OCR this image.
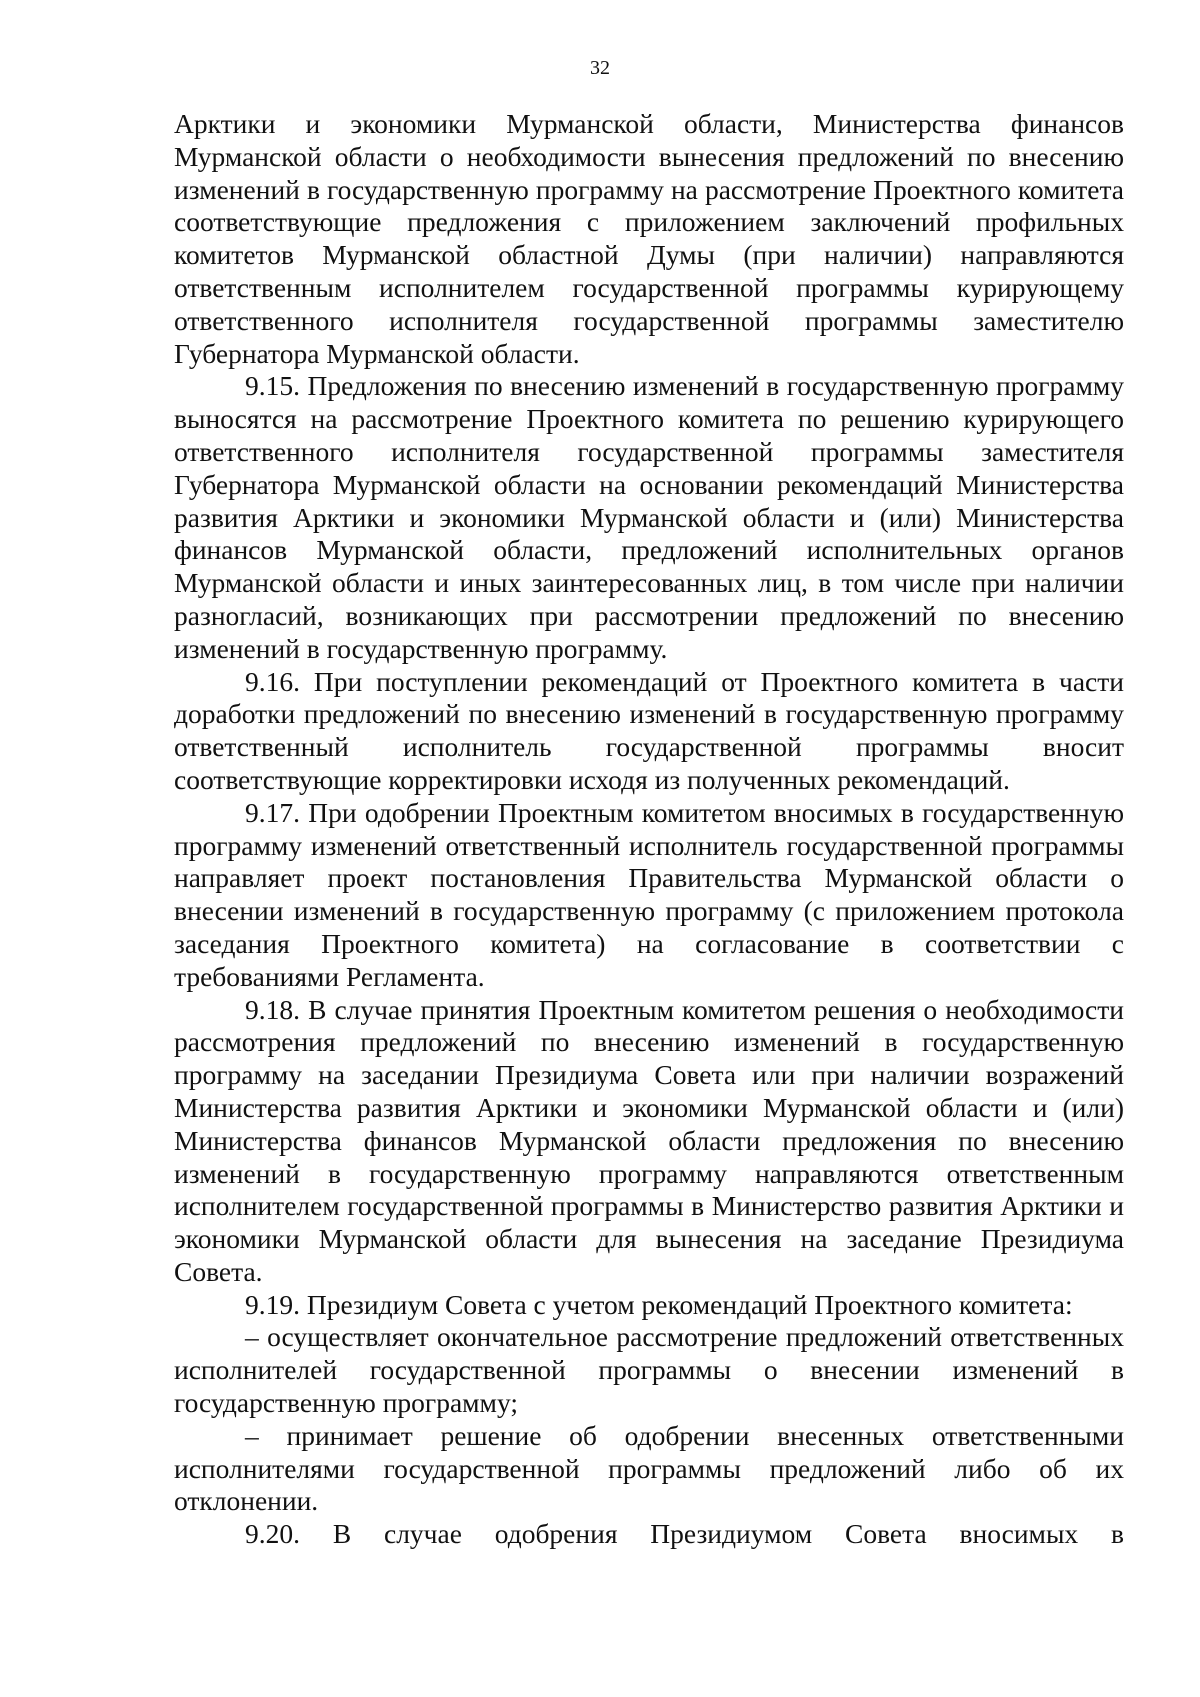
32

Арктики и экономики Мурманской области, Министерства финансов Мурманской области о необходимости вынесения предложений по внесению изменений в государственную программу на рассмотрение Проектного комитета соответствующие предложения с приложением заключений профильных комитетов Мурманской областной Думы (при наличии) направляются ответственным исполнителем государственной программы курирующему ответственного исполнителя государственной программы заместителю Губернатора Мурманской области.

9.15. Предложения по внесению изменений в государственную программу выносятся на рассмотрение Проектного комитета по решению курирующего ответственного исполнителя государственной программы заместителя Губернатора Мурманской области на основании рекомендаций Министерства развития Арктики и экономики Мурманской области и (или) Министерства финансов Мурманской области, предложений исполнительных органов Мурманской области и иных заинтересованных лиц, в том числе при наличии разногласий, возникающих при рассмотрении предложений по внесению изменений в государственную программу.

9.16. При поступлении рекомендаций от Проектного комитета в части доработки предложений по внесению изменений в государственную программу ответственный исполнитель государственной программы вносит соответствующие корректировки исходя из полученных рекомендаций.

9.17. При одобрении Проектным комитетом вносимых в государственную программу изменений ответственный исполнитель государственной программы направляет проект постановления Правительства Мурманской области о внесении изменений в государственную программу (с приложением протокола заседания Проектного комитета) на согласование в соответствии с требованиями Регламента.

9.18. В случае принятия Проектным комитетом решения о необходимости рассмотрения предложений по внесению изменений в государственную программу на заседании Президиума Совета или при наличии возражений Министерства развития Арктики и экономики Мурманской области и (или) Министерства финансов Мурманской области предложения по внесению изменений в государственную программу направляются ответственным исполнителем государственной программы в Министерство развития Арктики и экономики Мурманской области для вынесения на заседание Президиума Совета.

9.19. Президиум Совета с учетом рекомендаций Проектного комитета:

– осуществляет окончательное рассмотрение предложений ответственных исполнителей государственной программы о внесении изменений в государственную программу;

– принимает решение об одобрении внесенных ответственными исполнителями государственной программы предложений либо об их отклонении.

9.20. В случае одобрения Президиумом Совета вносимых в
